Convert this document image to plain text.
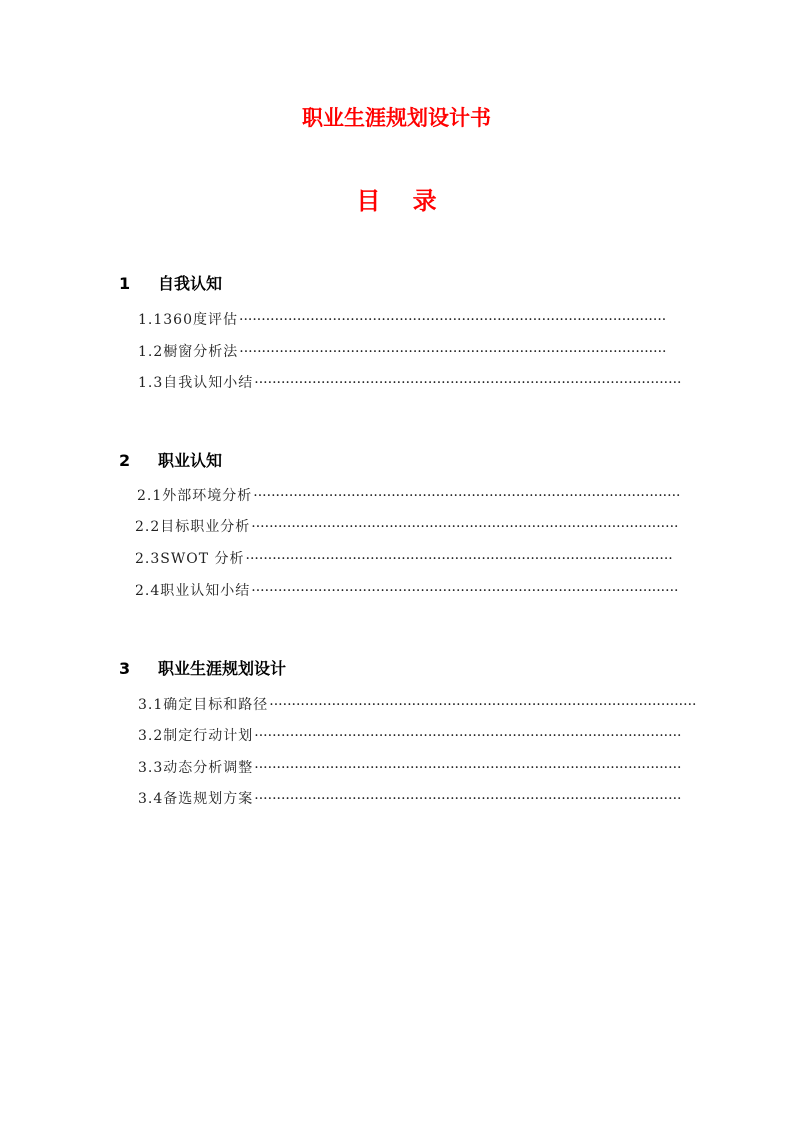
职业生涯规划设计书
目 录
1 自我认知
1.1 360度评估 ································································································
1.2 橱窗分析法 ································································································
1.3 自我认知小结 ································································································
2 职业认知
2.1 外部环境分析 ································································································
2.2 目标职业分析 ································································································
2.3 SWOT 分析 ································································································
2.4 职业认知小结 ································································································
3 职业生涯规划设计
3.1 确定目标和路径 ································································································
3.2 制定行动计划 ································································································
3.3 动态分析调整 ································································································
3.4 备选规划方案 ································································································
